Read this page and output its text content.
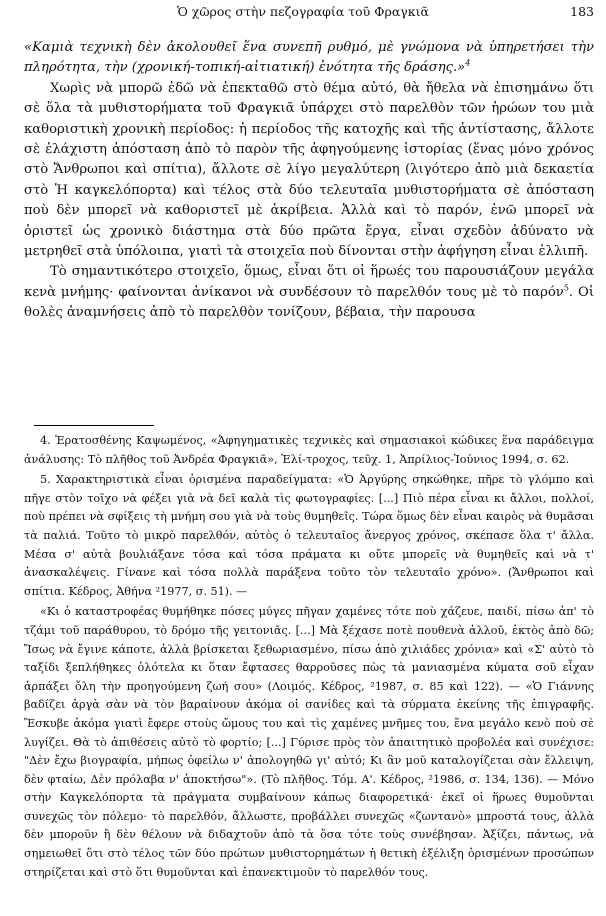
Ὁ χῶρος στὴν πεζογραφία τοῦ Φραγκιᾶ	183

«Καμιὰ τεχνικὴ δὲν ἀκολουθεῖ ἕνα συνεπῆ ρυθμό, μὲ γνώμονα νὰ ὑπηρετήσει τὴν πληρότητα, τὴν (χρονική-τοπική-αἰτιατική) ἑνότητα τῆς δράσης.»$^4$

Χωρὶς νὰ μπορῶ ἐδῶ νὰ ἐπεκταθῶ στὸ θέμα αὐτό, θὰ ἤθελα νὰ ἐπισημάνω ὅτι σὲ ὅλα τὰ μυθιστορήματα τοῦ Φραγκιᾶ ὑπάρχει στὸ παρελθὸν τῶν ἡρώων του μιὰ καθοριστικὴ χρονικὴ περίοδος: ἡ περίοδος τῆς κατοχῆς καὶ τῆς ἀντίστασης, ἄλλοτε σὲ ἐλάχιστη ἀπόσταση ἀπὸ τὸ παρὸν τῆς ἀφηγούμενης ἱστορίας (ἕνας μόνο χρόνος στὸ Ἄνθρωποι καὶ σπίτια), ἄλλοτε σὲ λίγο μεγαλύτερη (λιγότερο ἀπὸ μιὰ δεκαετία στὸ Ἡ καγκελόπορτα) καὶ τέλος στὰ δύο τελευταῖα μυθιστορήματα σὲ ἀπόσταση ποὺ δὲν μπορεῖ νὰ καθοριστεῖ μὲ ἀκρίβεια. Ἀλλὰ καὶ τὸ παρόν, ἐνῶ μπορεῖ νὰ ὁριστεῖ ὡς χρονικὸ διάστημα στὰ δύο πρῶτα ἔργα, εἶναι σχεδὸν ἀδύνατο νὰ μετρηθεῖ στὰ ὑπόλοιπα, γιατὶ τὰ στοιχεῖα ποὺ δίνονται στὴν ἀφήγηση εἶναι ἐλλιπῆ.

Τὸ σημαντικότερο στοιχεῖο, ὅμως, εἶναι ὅτι οἱ ἥρωές του παρουσιάζουν μεγάλα κενὰ μνήμης· φαίνονται ἀνίκανοι νὰ συνδέσουν τὸ παρελθόν τους μὲ τὸ παρόν$^5$. Οἱ θολὲς ἀναμνήσεις ἀπὸ τὸ παρελθὸν τονίζουν, βέβαια, τὴν παρουσα

4. Ἐρατοσθένης Καψωμένος, «Ἀφηγηματικὲς τεχνικὲς καὶ σημασιακοὶ κώδικες ἕνα παράδειγμα ἀνάλυσης: Τὸ πλῆθος τοῦ Ἀνδρέα Φραγκιᾶ», Ἐλί-τροχος, τεῦχ. 1, Ἀπρίλιος-Ἰούνιος 1994, σ. 62.

5. Χαρακτηριστικὰ εἶναι ὁρισμένα παραδείγματα: «Ὁ Ἀργύρης σηκώθηκε, πῆρε τὸ γλόμπο καὶ πῆγε στὸν τοῖχο νὰ φέξει γιὰ νὰ δεῖ καλὰ τὶς φωτογραφίες. [...] Πιὸ πέρα εἶναι κι ἄλλοι, πολλοί, ποὺ πρέπει νὰ σφίξεις τὴ μνήμη σου γιὰ νὰ τοὺς θυμηθεῖς. Τώρα ὅμως δὲν εἶναι καιρὸς νὰ θυμᾶσαι τὰ παλιά. Τοῦτο τὸ μικρὸ παρελθόν, αὐτὸς ὁ τελευταῖος ἄνεργος χρόνος, σκέπασε ὅλα τ' ἄλλα. Μέσα σ' αὐτὰ βουλιάξανε τόσα καὶ τόσα πράματα κι οὔτε μπορεῖς νὰ θυμηθεῖς καὶ νὰ τ' ἀνασκαλέψεις. Γίνανε καὶ τόσα πολλὰ παράξενα τοῦτο τὸν τελευταῖο χρόνο». (Ἄνθρωποι καὶ σπίτια. Κέδρος, Ἀθήνα ²1977, σ. 51). —

«Κι ὁ καταστροφέας θυμήθηκε πόσες μύγες πῆγαν χαμένες τότε ποὺ χάζευε, παιδί, πίσω ἀπ' τὸ τζάμι τοῦ παράθυρου, τὸ δρόμο τῆς γειτονιᾶς. [...] Μὰ ξέχασε ποτὲ πουθενὰ ἀλλοῦ, ἐκτὸς ἀπὸ δῶ; Ἴσως νὰ ἔγινε κάποτε, ἀλλὰ βρίσκεται ξεθωριασμένο, πίσω ἀπὸ χιλιάδες χρόνια» καὶ «Σ' αὐτὸ τὸ ταξίδι ξεπλήθηκες ὁλότελα κι ὅταν ἔφτασες θαρροῦσες πὼς τὰ μανιασμένα κύματα σοῦ εἶχαν ἀρπάξει ὅλη τὴν προηγούμενη ζωή σου» (Λοιμός. Κέδρος, ²1987, σ. 85 καὶ 122). — «Ὁ Γιάννης βαδίζει ἀργὰ σὰν νὰ τὸν βαραίνουν ἀκόμα οἱ σανίδες καὶ τὰ σύρματα ἐκείνης τῆς ἐπιγραφῆς. Ἔσκυβε ἀκόμα γιατὶ ἔφερε στοὺς ὤμους του καὶ τὶς χαμένες μνῆμες του, ἕνα μεγάλο κενὸ ποὺ σὲ λυγίζει. Θὰ τὸ ἀπιθέσεις αὐτὸ τὸ φορτίο; [...] Γύρισε πρὸς τὸν ἀπαιτητικὸ προβολέα καὶ συνέχισε: "Δὲν ἔχω βιογραφία, μήπως ὀφείλω ν' ἀπολογηθῶ γι' αὐτό; Κι ἂν μοῦ καταλογίζεται σὰν ἔλλειψη, δὲν φταίω, Δὲν πρόλαβα ν' ἀποκτήσω"». (Τὸ πλῆθος. Τόμ. Α'. Κέδρος, ²1986, σ. 134, 136). — Μόνο στὴν Καγκελόπορτα τὰ πράγματα συμβαίνουν κάπως διαφορετικά· ἐκεῖ οἱ ἥρωες θυμοῦνται συνεχῶς τὸν πόλεμο· τὸ παρελθόν, ἄλλωστε, προβάλλει συνεχῶς «ζωντανὸ» μπροστά τους, ἀλλὰ δὲν μποροῦν ἢ δὲν θέλουν νὰ διδαχτοῦν ἀπὸ τὰ ὅσα τότε τοὺς συνέβησαν. Ἀξίζει, πάντως, νὰ σημειωθεῖ ὅτι στὸ τέλος τῶν δύο πρώτων μυθιστορημάτων ἡ θετικὴ ἐξέλιξη ὁρισμένων προσώπων στηρίζεται καὶ στὸ ὅτι θυμοῦνται καὶ ἐπανεκτιμοῦν τὸ παρελθόν τους.
